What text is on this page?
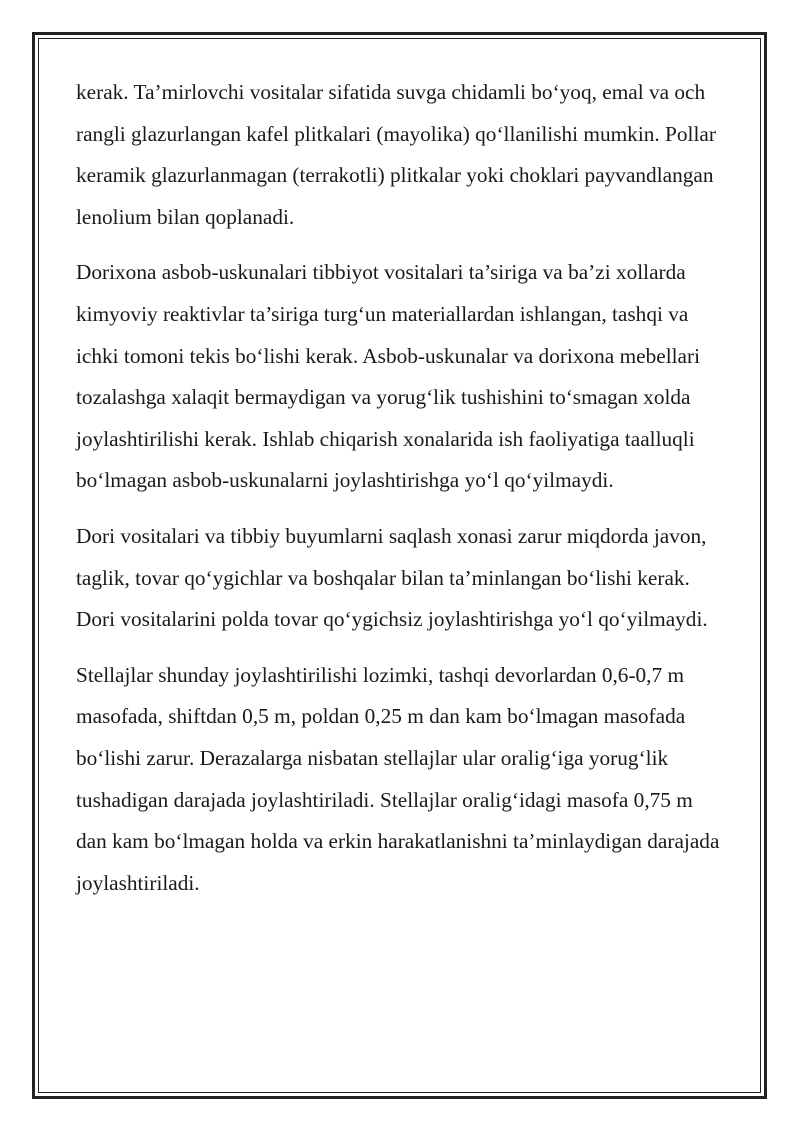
kerak. Ta’mirlovchi vositalar sifatida suvga chidamli bo‘yoq, emal va och rangli glazurlangan kafel plitkalari (mayolika) qo‘llanilishi mumkin. Pollar keramik glazurlanmagan (terrakotli) plitkalar yoki choklari payvandlangan lenolium bilan qoplanadi.

Dorixona asbob-uskunalari tibbiyot vositalari ta’siriga va ba’zi xollarda kimyoviy reaktivlar ta’siriga turg‘un materiallardan ishlangan, tashqi va ichki tomoni tekis bo‘lishi kerak. Asbob-uskunalar va dorixona mebellari tozalashga xalaqit bermaydigan va yorug‘lik tushishini to‘smagan xolda joylashtirilishi kerak. Ishlab chiqarish xonalarida ish faoliyatiga taalluqli bo‘lmagan asbob-uskunalarni joylashtirishga yo‘l qo‘yilmaydi.

Dori vositalari va tibbiy buyumlarni saqlash xonasi zarur miqdorda javon, taglik, tovar qo‘ygichlar va boshqalar bilan ta’minlangan bo‘lishi kerak. Dori vositalarini polda tovar qo‘ygichsiz joylashtirishga yo‘l qo‘yilmaydi.

Stellajlar shunday joylashtirilishi lozimki, tashqi devorlardan 0,6-0,7 m masofada, shiftdan 0,5 m, poldan 0,25 m dan kam bo‘lmagan masofada bo‘lishi zarur. Derazalarga nisbatan stellajlar ular oralig‘iga yorug‘lik tushadigan darajada joylashtiriladi. Stellajlar oralig‘idagi masofa 0,75 m dan kam bo‘lmagan holda va erkin harakatlanishni ta’minlaydigan darajada joylashtiriladi.
